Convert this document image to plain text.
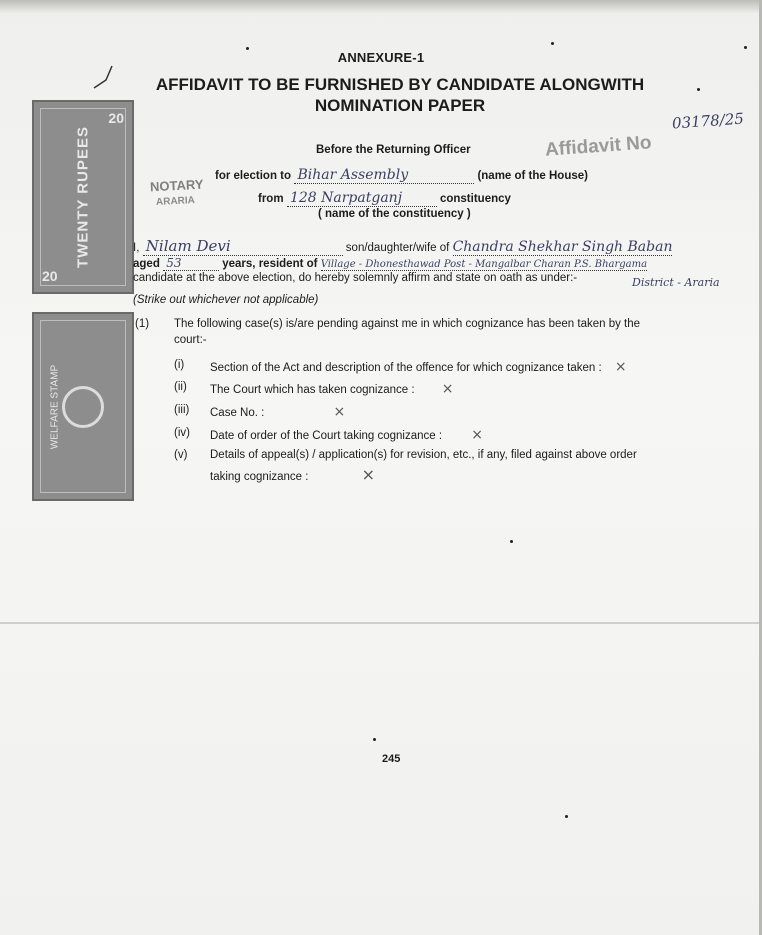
ANNEXURE-1
AFFIDAVIT TO BE FURNISHED BY CANDIDATE ALONGWITH
NOMINATION PAPER
03178/25
Affidavit No
TWENTY RUPEES
20
20
WELFARE STAMP
NOTARY
ARARIA
Before the Returning Officer
for election to Bihar Assembly	(name of the House)
from 128 Narpatganj	constituency
( name of the constituency )
I, Nilam Devi	son/daughter/wife of Chandra Shekhar Singh Baban
aged 53	years, resident of Village - Dhonesthawad Post - Mangalbar Charan P.S. Bhargama
District - Araria
candidate at the above election, do hereby solemnly affirm and state on oath as under:-
(Strike out whichever not applicable)
(1) The following case(s) is/are pending against me in which cognizance has been taken by the
court:-
(i) Section of the Act and description of the offence for which cognizance taken : ×
(ii) The Court which has taken cognizance : ×
(iii) Case No. :	×
(iv) Date of order of the Court taking cognizance : ×
(v) Details of appeal(s) / application(s) for revision, etc., if any, filed against above order
taking cognizance :	×
245
